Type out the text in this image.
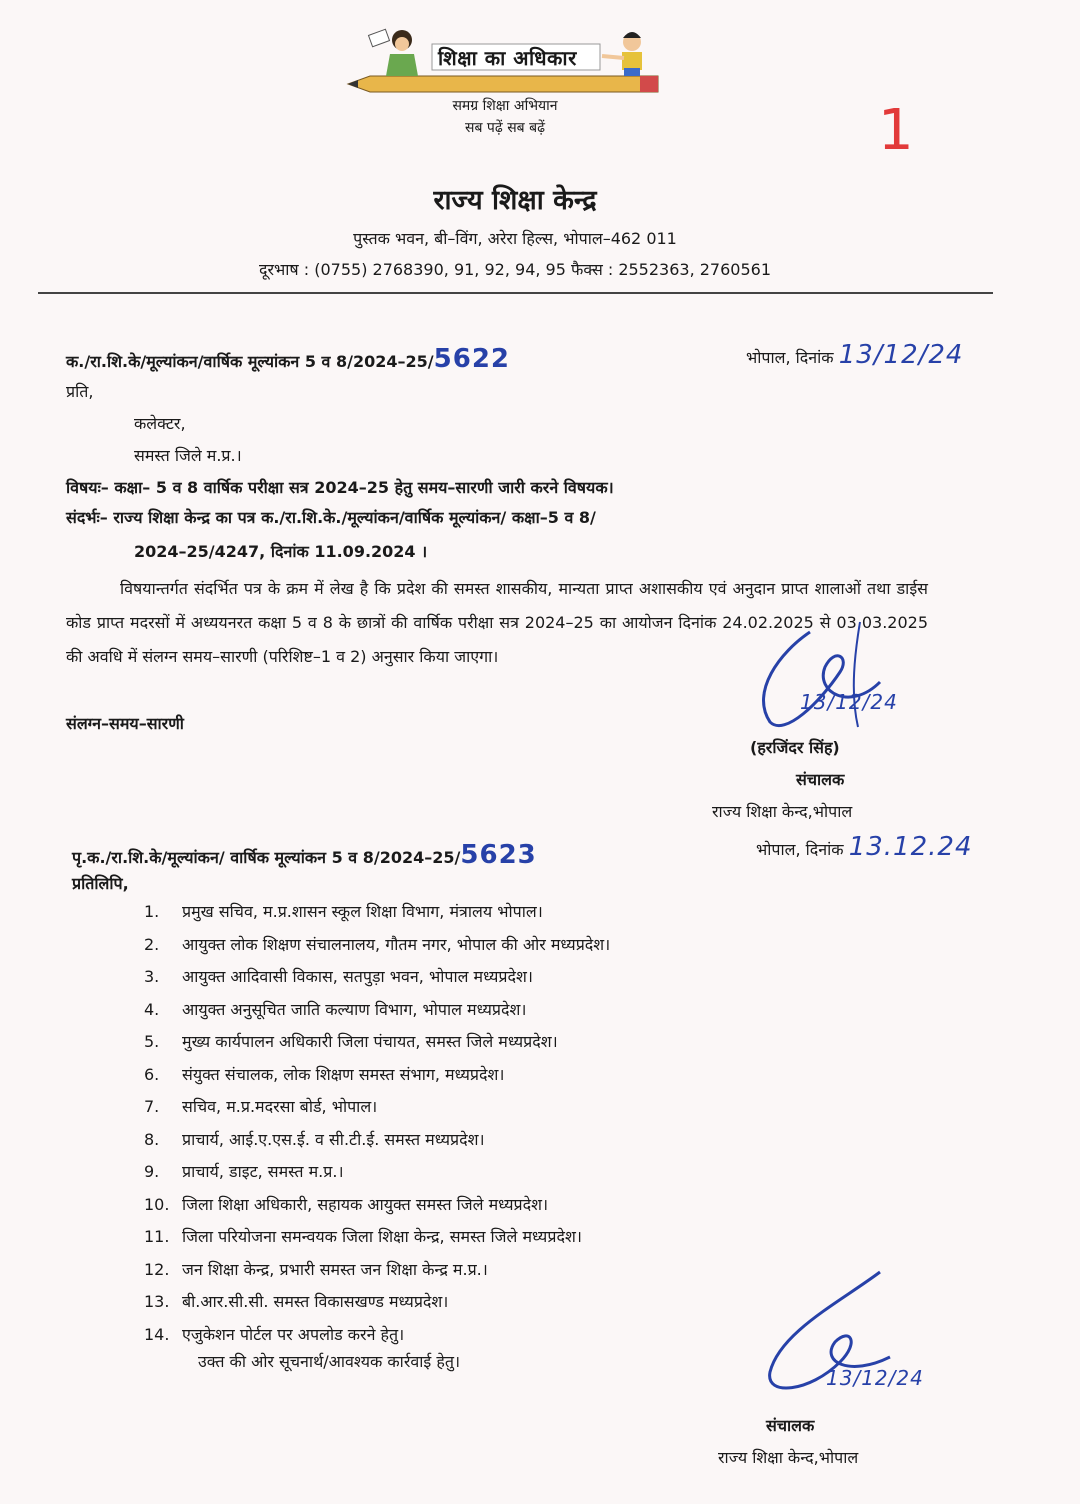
शिक्षा का अधिकार
समग्र शिक्षा अभियान
सब पढ़ें सब बढ़ें	1
राज्य शिक्षा केन्द्र
पुस्तक भवन, बी–विंग, अरेरा हिल्स, भोपाल–462 011
दूरभाष : (0755) 2768390, 91, 92, 94, 95 फैक्स : 2552363, 2760561
क./रा.शि.के/मूल्यांकन/वार्षिक मूल्यांकन 5 व 8/2024–25/5622	भोपाल, दिनांक 13/12/24
प्रति,
कलेक्टर,
समस्त जिले म.प्र.।
विषयः– कक्षा– 5 व 8 वार्षिक परीक्षा सत्र 2024–25 हेतु समय–सारणी जारी करने विषयक।
संदर्भः– राज्य शिक्षा केन्द्र का पत्र क./रा.शि.के./मूल्यांकन/वार्षिक मूल्यांकन/ कक्षा–5 व 8/
2024–25/4247, दिनांक 11.09.2024 ।
विषयान्तर्गत संदर्भित पत्र के क्रम में लेख है कि प्रदेश की समस्त शासकीय, मान्यता प्राप्त अशासकीय एवं अनुदान प्राप्त शालाओं तथा डाईस कोड प्राप्त मदरसों में अध्ययनरत कक्षा 5 व 8 के छात्रों की वार्षिक परीक्षा सत्र 2024–25 का आयोजन दिनांक 24.02.2025 से 03.03.2025 की अवधि में संलग्न समय–सारणी (परिशिष्ट–1 व 2) अनुसार किया जाएगा।
संलग्न–समय–सारणी
13/12/24
(हरजिंदर सिंह)
संचालक
राज्य शिक्षा केन्द,भोपाल
पृ.क./रा.शि.के/मूल्यांकन/ वार्षिक मूल्यांकन 5 व 8/2024–25/5623	भोपाल, दिनांक 13.12.24
प्रतिलिपि,
1. प्रमुख सचिव, म.प्र.शासन स्कूल शिक्षा विभाग, मंत्रालय भोपाल।
2. आयुक्त लोक शिक्षण संचालनालय, गौतम नगर, भोपाल की ओर मध्यप्रदेश।
3. आयुक्त आदिवासी विकास, सतपुड़ा भवन, भोपाल मध्यप्रदेश।
4. आयुक्त अनुसूचित जाति कल्याण विभाग, भोपाल मध्यप्रदेश।
5. मुख्य कार्यपालन अधिकारी जिला पंचायत, समस्त जिले मध्यप्रदेश।
6. संयुक्त संचालक, लोक शिक्षण समस्त संभाग, मध्यप्रदेश।
7. सचिव, म.प्र.मदरसा बोर्ड, भोपाल।
8. प्राचार्य, आई.ए.एस.ई. व सी.टी.ई. समस्त मध्यप्रदेश।
9. प्राचार्य, डाइट, समस्त म.प्र.।
10. जिला शिक्षा अधिकारी, सहायक आयुक्त समस्त जिले मध्यप्रदेश।
11. जिला परियोजना समन्वयक जिला शिक्षा केन्द्र, समस्त जिले मध्यप्रदेश।
12. जन शिक्षा केन्द्र, प्रभारी समस्त जन शिक्षा केन्द्र म.प्र.।
13. बी.आर.सी.सी. समस्त विकासखण्ड मध्यप्रदेश।
14. एजुकेशन पोर्टल पर अपलोड करने हेतु।
उक्त की ओर सूचनार्थ/आवश्यक कार्रवाई हेतु।
13/12/24
संचालक
राज्य शिक्षा केन्द,भोपाल
